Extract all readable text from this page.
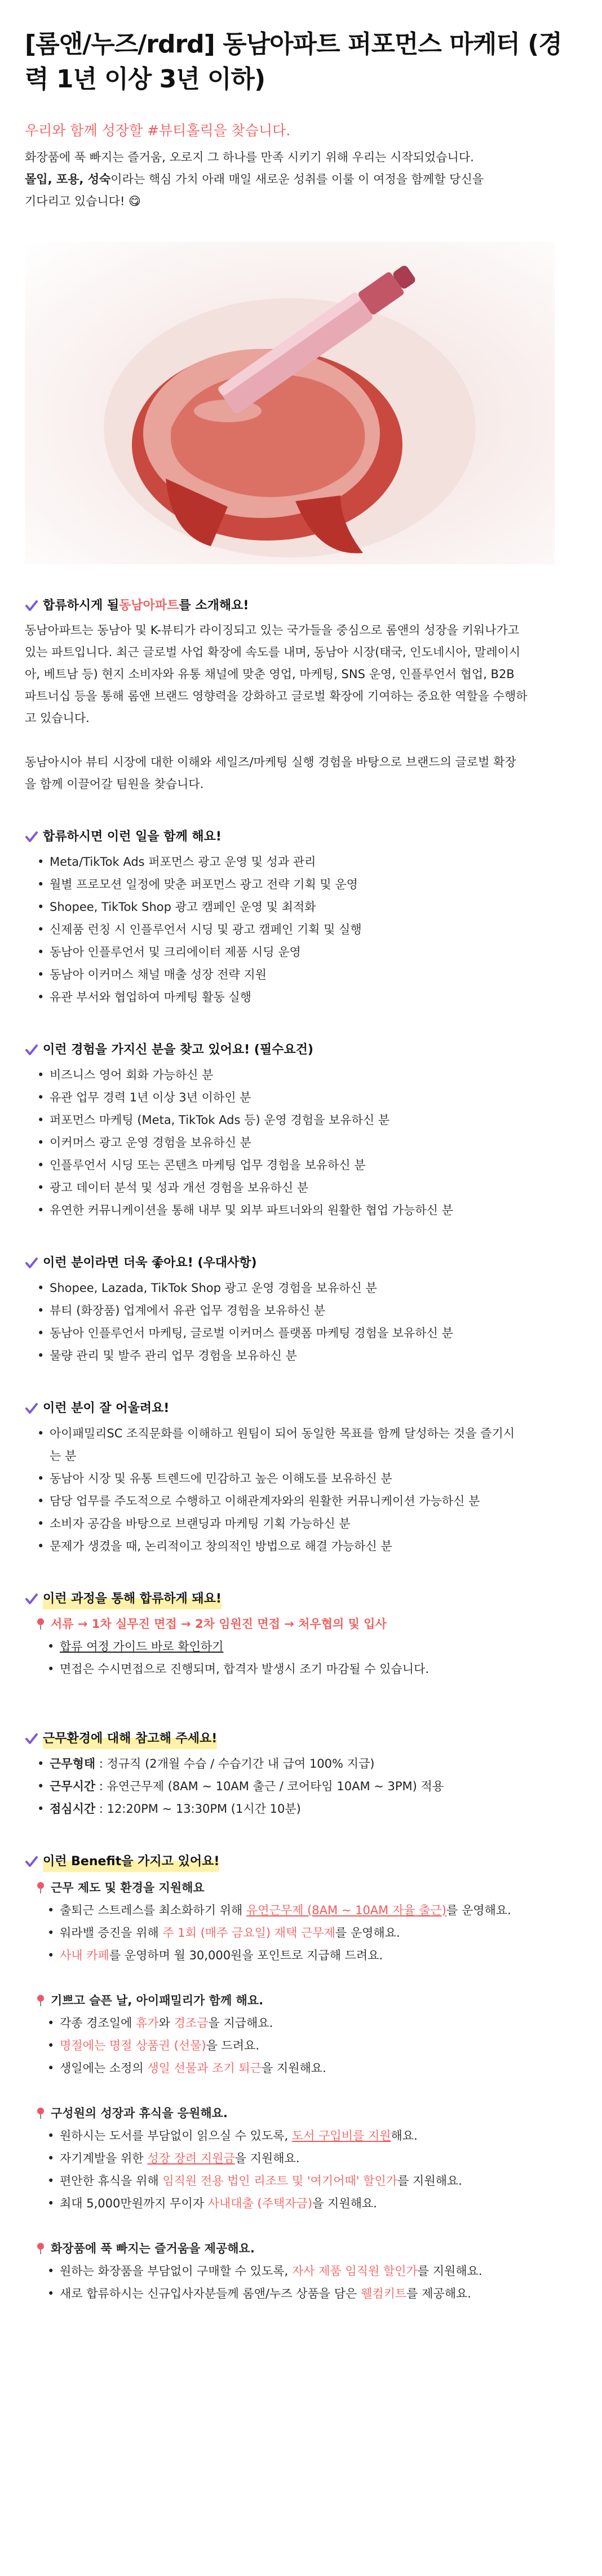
[롬앤/누즈/rdrd] 동남아파트 퍼포먼스 마케터 (경력 1년 이상 3년 이하)

우리와 함께 성장할 #뷰티홀릭을 찾습니다.

화장품에 푹 빠지는 즐거움, 오로지 그 하나를 만족 시키기 위해 우리는 시작되었습니다.

몰입, 포용, 성숙이라는 핵심 가치 아래 매일 새로운 성취를 이룰 이 여정을 함께할 당신을

기다리고 있습니다! 😋

합류하시게 될 동남아파트 를 소개해요!

동남아파트는 동남아 및 K-뷰티가 라이징되고 있는 국가들을 중심으로 롬앤의 성장을 키워나가고

있는 파트입니다. 최근 글로벌 사업 확장에 속도를 내며, 동남아 시장(태국, 인도네시아, 말레이시

아, 베트남 등) 현지 소비자와 유통 채널에 맞춘 영업, 마케팅, SNS 운영, 인플루언서 협업, B2B

파트너십 등을 통해 롬앤 브랜드 영향력을 강화하고 글로벌 확장에 기여하는 중요한 역할을 수행하

고 있습니다.

동남아시아 뷰티 시장에 대한 이해와 세일즈/마케팅 실행 경험을 바탕으로 브랜드의 글로벌 확장

을 함께 이끌어갈 팀원을 찾습니다.

합류하시면 이런 일을 함께 해요!
• Meta/TikTok Ads 퍼포먼스 광고 운영 및 성과 관리
• 월별 프로모션 일정에 맞춘 퍼포먼스 광고 전략 기획 및 운영
• Shopee, TikTok Shop 광고 캠페인 운영 및 최적화
• 신제품 런칭 시 인플루언서 시딩 및 광고 캠페인 기획 및 실행
• 동남아 인플루언서 및 크리에이터 제품 시딩 운영
• 동남아 이커머스 채널 매출 성장 전략 지원
• 유관 부서와 협업하여 마케팅 활동 실행
이런 경험을 가지신 분을 찾고 있어요! (필수요건)
• 비즈니스 영어 회화 가능하신 분
• 유관 업무 경력 1년 이상 3년 이하인 분
• 퍼포먼스 마케팅 (Meta, TikTok Ads 등) 운영 경험을 보유하신 분
• 이커머스 광고 운영 경험을 보유하신 분
• 인플루언서 시딩 또는 콘텐츠 마케팅 업무 경험을 보유하신 분
• 광고 데이터 분석 및 성과 개선 경험을 보유하신 분
• 유연한 커뮤니케이션을 통해 내부 및 외부 파트너와의 원활한 협업 가능하신 분
이런 분이라면 더욱 좋아요! (우대사항)
• Shopee, Lazada, TikTok Shop 광고 운영 경험을 보유하신 분
• 뷰티 (화장품) 업계에서 유관 업무 경험을 보유하신 분
• 동남아 인플루언서 마케팅, 글로벌 이커머스 플랫폼 마케팅 경험을 보유하신 분
• 물량 관리 및 발주 관리 업무 경험을 보유하신 분
이런 분이 잘 어울려요!
• 아이패밀리SC 조직문화를 이해하고 원팀이 되어 동일한 목표를 함께 달성하는 것을 즐기시
는 분
• 동남아 시장 및 유통 트렌드에 민감하고 높은 이해도를 보유하신 분
• 담당 업무를 주도적으로 수행하고 이해관계자와의 원활한 커뮤니케이션 가능하신 분
• 소비자 공감을 바탕으로 브랜딩과 마케팅 기획 가능하신 분
• 문제가 생겼을 때, 논리적이고 창의적인 방법으로 해결 가능하신 분
이런 과정을 통해 합류하게 돼요!
서류 → 1차 실무진 면접 → 2차 임원진 면접 → 처우협의 및 입사
• 합류 여정 가이드 바로 확인하기
• 면접은 수시면접으로 진행되며, 합격자 발생시 조기 마감될 수 있습니다.
근무환경에 대해 참고해 주세요!
• 근무형태 : 정규직 (2개월 수습 / 수습기간 내 급여 100% 지급)
• 근무시간 : 유연근무제 (8AM ~ 10AM 출근 / 코어타임 10AM ~ 3PM) 적용
• 점심시간 : 12:20PM ~ 13:30PM (1시간 10분)
이런 Benefit을 가지고 있어요!
근무 제도 및 환경을 지원해요
• 출퇴근 스트레스를 최소화하기 위해 유연근무제 (8AM ~ 10AM 자율 출근)를 운영해요.
• 워라밸 증진을 위해 주 1회 (매주 금요일) 재택 근무제를 운영해요.
• 사내 카페를 운영하며 월 30,000원을 포인트로 지급해 드려요.
기쁘고 슬픈 날, 아이패밀리가 함께 해요.
• 각종 경조일에 휴가와 경조금을 지급해요.
• 명절에는 명절 상품권 (선물)을 드려요.
• 생일에는 소정의 생일 선물과 조기 퇴근을 지원해요.
구성원의 성장과 휴식을 응원해요.
• 원하시는 도서를 부담없이 읽으실 수 있도록, 도서 구입비를 지원해요.
• 자기계발을 위한 성장 장려 지원금을 지원해요.
• 편안한 휴식을 위해 임직원 전용 법인 리조트 및 '여기어때' 할인가를 지원해요.
• 최대 5,000만원까지 무이자 사내대출 (주택자금)을 지원해요.
화장품에 푹 빠지는 즐거움을 제공해요.
• 원하는 화장품을 부담없이 구매할 수 있도록, 자사 제품 임직원 할인가를 지원해요.
• 새로 합류하시는 신규입사자분들께 롬앤/누즈 상품을 담은 웰컴키트를 제공해요.
